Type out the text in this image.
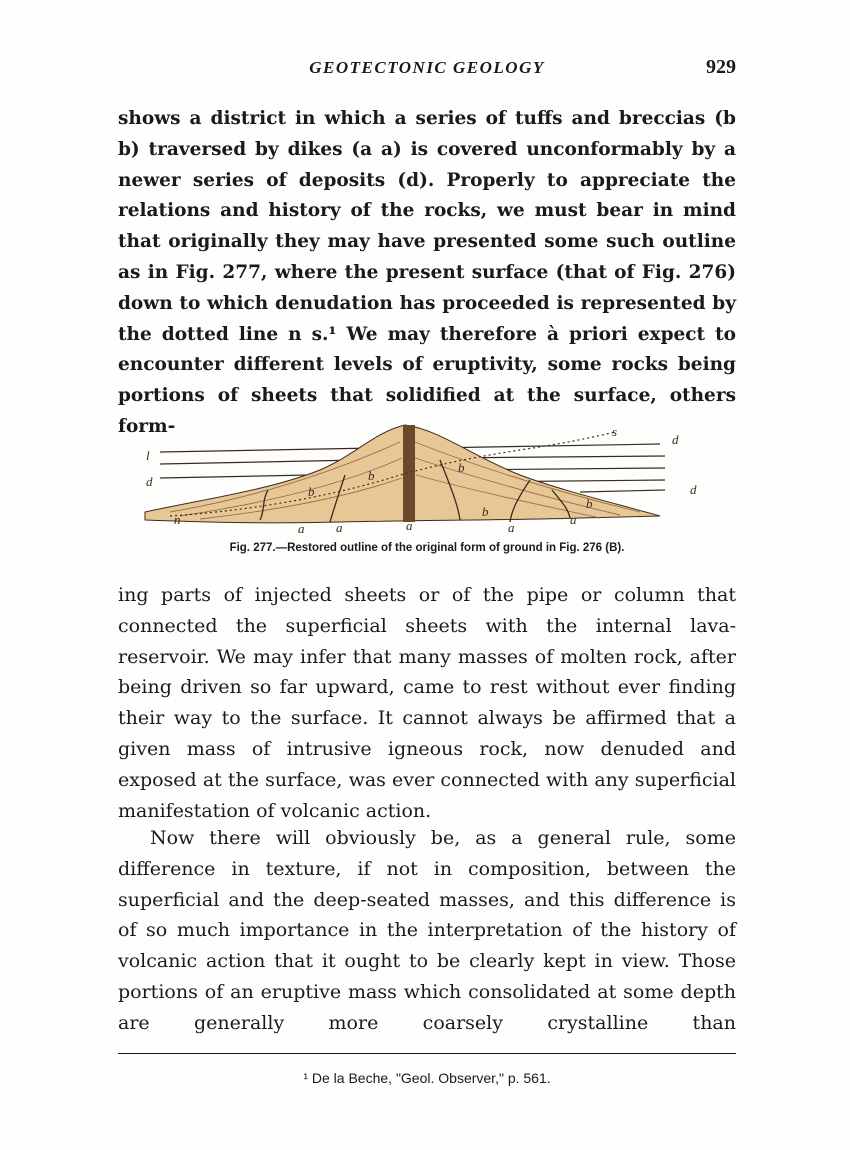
GEOTECTONIC GEOLOGY	929

shows a district in which a series of tuffs and breccias (b b) traversed by dikes (a a) is covered unconformably by a newer series of deposits (d). Properly to appreciate the relations and history of the rocks, we must bear in mind that originally they may have presented some such outline as in Fig. 277, where the present surface (that of Fig. 276) down to which denudation has proceeded is represented by the dotted line n s.¹ We may therefore à priori expect to encounter different levels of eruptivity, some rocks being portions of sheets that solidified at the surface, others form-	s
d
d
l
d
n
b
b
b
b
b
a a	a	a
a
Fig. 277.—Restored outline of the original form of ground in Fig. 276 (B).

ing parts of injected sheets or of the pipe or column that connected the superficial sheets with the internal lava-reservoir. We may infer that many masses of molten rock, after being driven so far upward, came to rest without ever finding their way to the surface. It cannot always be affirmed that a given mass of intrusive igneous rock, now denuded and exposed at the surface, was ever connected with any superficial manifestation of volcanic action.

Now there will obviously be, as a general rule, some difference in texture, if not in composition, between the superficial and the deep-seated masses, and this difference is of so much importance in the interpretation of the history of volcanic action that it ought to be clearly kept in view. Those portions of an eruptive mass which consolidated at some depth are generally more coarsely crystalline than

¹ De la Beche, "Geol. Observer," p. 561.
